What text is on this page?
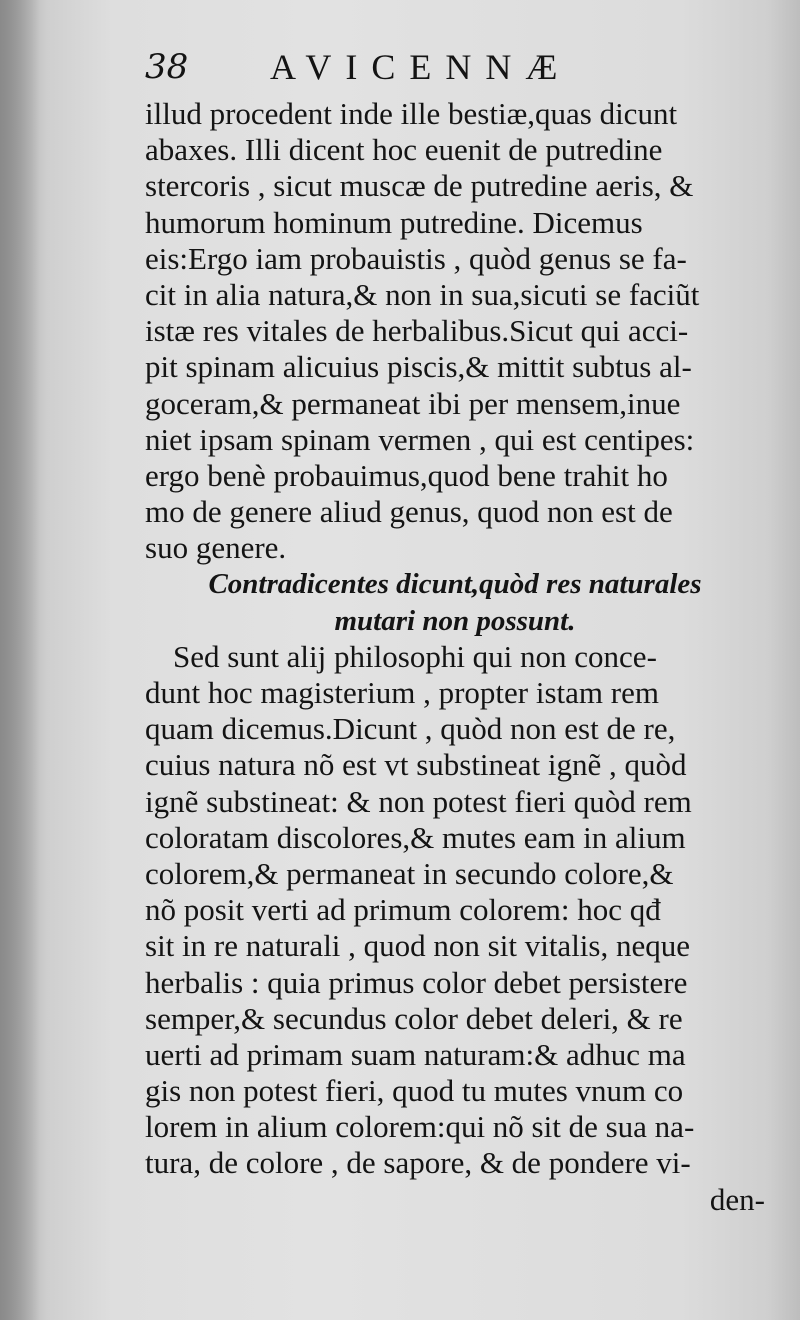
38 AVICENNÆ
illud procedent inde ille bestiæ,quas dicunt
abaxes. Illi dicent hoc euenit de putredine
stercoris , sicut muscæ de putredine aeris, &
humorum hominum putredine. Dicemus
eis:Ergo iam probauistis , quòd genus se fa-
cit in alia natura,& non in sua,sicuti se faciũt
istæ res vitales de herbalibus.Sicut qui acci-
pit spinam alicuius piscis,& mittit subtus al-
goceram,& permaneat ibi per mensem,inue
niet ipsam spinam vermen , qui est centipes:
ergo benè probauimus,quod bene trahit ho
mo de genere aliud genus, quod non est de
suo genere.
Contradicentes dicunt,quòd res naturales
mutari non possunt.
Sed sunt alij philosophi qui non conce-
dunt hoc magisterium , propter istam rem
quam dicemus.Dicunt , quòd non est de re,
cuius natura nõ est vt substineat ignẽ , quòd
ignẽ substineat: & non potest fieri quòd rem
coloratam discolores,& mutes eam in alium
colorem,& permaneat in secundo colore,&
nõ posit verti ad primum colorem: hoc qđ
sit in re naturali , quod non sit vitalis, neque
herbalis : quia primus color debet persistere
semper,& secundus color debet deleri, & re
uerti ad primam suam naturam:& adhuc ma
gis non potest fieri, quod tu mutes vnum co
lorem in alium colorem:qui nõ sit de sua na-
tura, de colore , de sapore, & de pondere vi-
den-
